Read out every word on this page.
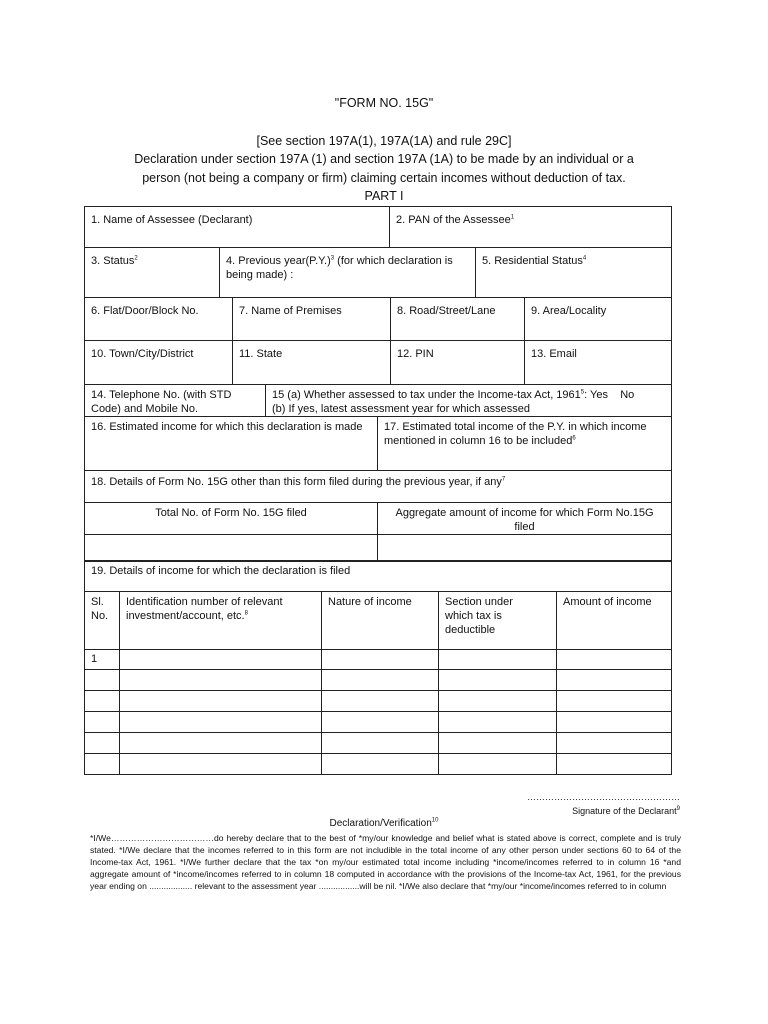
"FORM NO. 15G"
[See section 197A(1), 197A(1A) and rule 29C]
Declaration under section 197A (1) and section 197A (1A) to be made by an individual or a
person (not being a company or firm) claiming certain incomes without deduction of tax.
PART I
1. Name of Assessee (Declarant)	2. PAN of the Assessee$^1$
3. Status$^2$	4. Previous $year(P.Y.)^3$ (for which declaration is being made) :	5. Residential Status$^4$
6. Flat/Door/Block No.	7. Name of Premises	8. Road/Street/Lane	9. Area/Locality
10. Town/City/District	11. State	12. PIN	13. Email
14. Telephone No. (with STD Code) and Mobile No.	15 (a) Whether assessed to tax under the Income-tax Act, 1961$^5$: Yes    No
(b) If yes, latest assessment year for which assessed
16. Estimated income for which this declaration is made	17. Estimated total income of the P.Y. in which income mentioned in column 16 to be included$^6$
18. Details of Form No. 15G other than this form filed during the previous year, if any$^7$
Total No. of Form No. 15G filed	Aggregate amount of income for which Form No.15G filed

19. Details of income for which the declaration is filed
Sl. No.	Identification number of relevant investment/account, etc.$^8$	Nature of income	Section under which tax is deductible	Amount of income
1				

……………………………………………
Signature of the Declarant$^9$
Declaration/Verification$^{10}$
*I/We………………………………do hereby declare that to the best of *my/our knowledge and belief what is stated above is correct, complete and is truly stated. *I/We declare that the incomes referred to in this form are not includible in the total income of any other person under sections 60 to 64 of the Income-tax Act, 1961. *I/We further declare that the tax *on my/our estimated total income including *income/incomes referred to in column 16 *and aggregate amount of *income/incomes referred to in column 18 computed in accordance with the provisions of the Income-tax Act, 1961, for the previous year ending on .................. relevant to the assessment year .................will be nil. *I/We also declare that *my/our *income/incomes referred to in column
